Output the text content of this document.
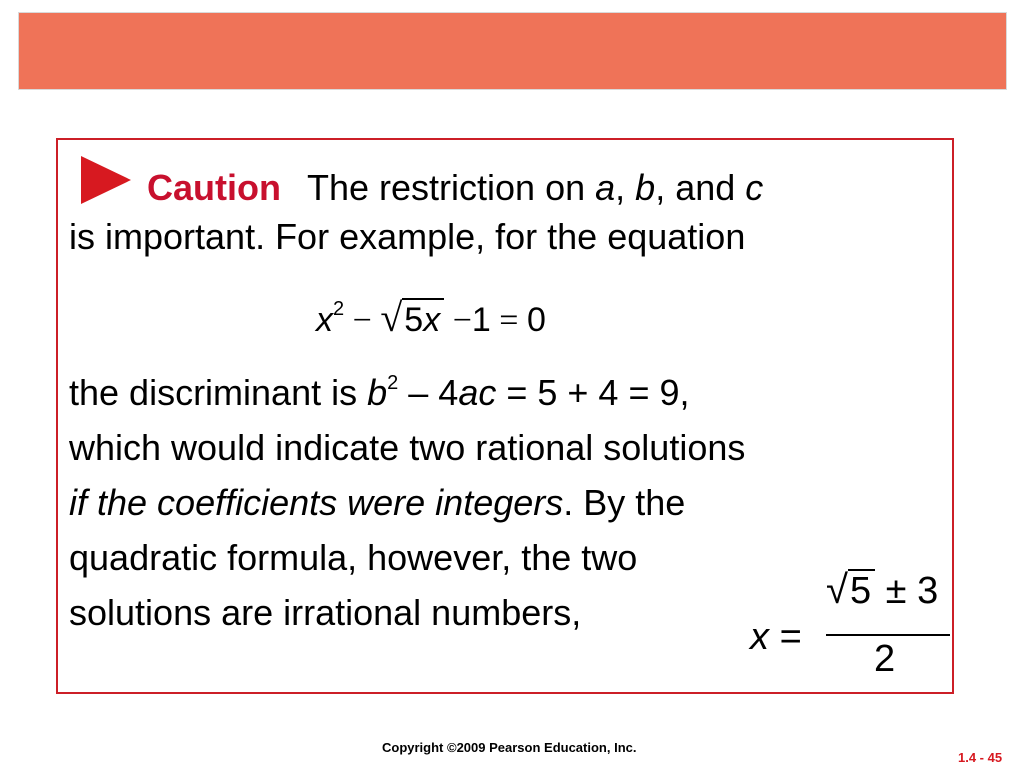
Caution The restriction on a, b, and c
is important. For example, for the equation
$x^2 - √5x -1 = 0$
the discriminant is $b^2 - 4ac = 5 + 4 = 9$,
which would indicate two rational solutions
if the coefficients were integers. By the
quadratic formula, however, the two
solutions are irrational numbers,
x =
√5 ± 3
2
Copyright ©2009 Pearson Education, Inc.
1.4 - 45
